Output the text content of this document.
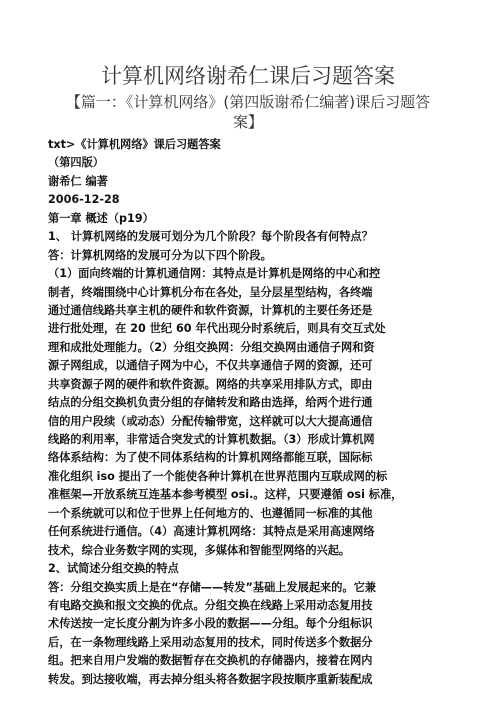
计算机网络谢希仁课后习题答案
【篇一：《计算机网络》(第四版谢希仁编著)课后习题答案】
txt>《计算机网络》课后习题答案
（第四版）
谢希仁 编著
2006-12-28
第一章 概述（p19）
1、 计算机网络的发展可划分为几个阶段？每个阶段各有何特点？
答：计算机网络的发展可分为以下四个阶段。
（1）面向终端的计算机通信网：其特点是计算机是网络的中心和控
制者，终端围绕中心计算机分布在各处，呈分层星型结构，各终端
通过通信线路共享主机的硬件和软件资源，计算机的主要任务还是
进行批处理，在 20 世纪 60 年代出现分时系统后，则具有交互式处
理和成批处理能力。（2）分组交换网：分组交换网由通信子网和资
源子网组成，以通信子网为中心，不仅共享通信子网的资源，还可
共享资源子网的硬件和软件资源。网络的共享采用排队方式，即由
结点的分组交换机负责分组的存储转发和路由选择，给两个进行通
信的用户段续（或动态）分配传输带宽，这样就可以大大提高通信
线路的利用率，非常适合突发式的计算机数据。（3）形成计算机网
络体系结构：为了使不同体系结构的计算机网络都能互联，国际标
准化组织 iso 提出了一个能使各种计算机在世界范围内互联成网的标
准框架—开放系统互连基本参考模型 osi.。这样，只要遵循 osi 标准，
一个系统就可以和位于世界上任何地方的、也遵循同一标准的其他
任何系统进行通信。（4）高速计算机网络：其特点是采用高速网络
技术，综合业务数字网的实现，多媒体和智能型网络的兴起。
2、试简述分组交换的特点
答：分组交换实质上是在“存储——转发”基础上发展起来的。它兼
有电路交换和报文交换的优点。分组交换在线路上采用动态复用技
术传送按一定长度分割为许多小段的数据——分组。每个分组标识
后，在一条物理线路上采用动态复用的技术，同时传送多个数据分
组。把来自用户发端的数据暂存在交换机的存储器内，接着在网内
转发。到达接收端，再去掉分组头将各数据字段按顺序重新装配成
